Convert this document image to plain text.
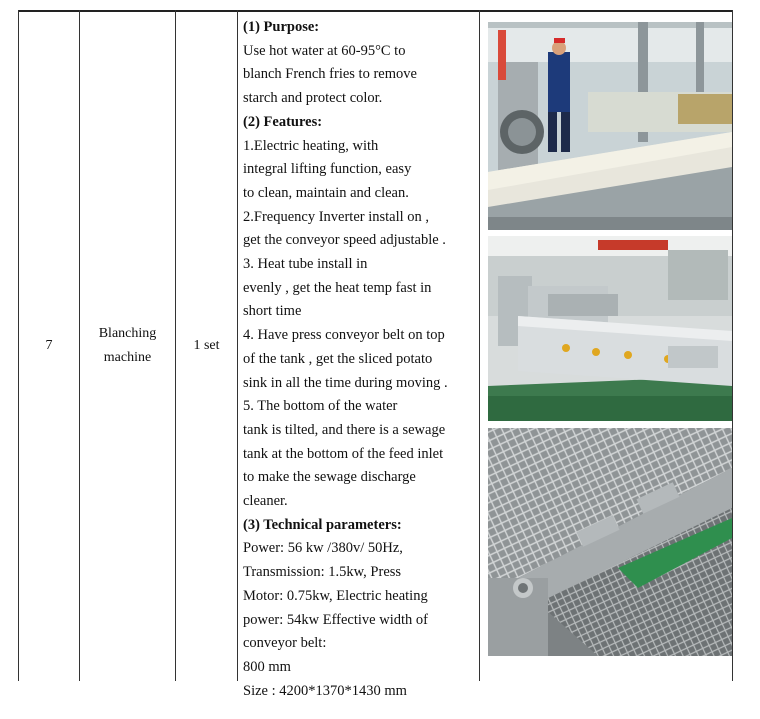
7
Blanching
machine
1 set
(1) Purpose:
Use hot water at 60-95°C to
blanch French fries to remove
starch and protect color.
(2) Features:
1.Electric heating, with
integral lifting function, easy
to clean, maintain and clean.
2.Frequency Inverter install on ,
get the conveyor speed adjustable .
3. Heat tube install in
evenly , get the heat temp fast in
short time
4. Have press conveyor belt on top
of the tank , get the sliced potato
sink in all the time during moving .
5. The bottom of the water
tank is tilted, and there is a sewage
tank at the bottom of the feed inlet
to make the sewage discharge
cleaner.
(3) Technical parameters:
Power: 56 kw /380v/ 50Hz,
Transmission: 1.5kw, Press
Motor: 0.75kw, Electric heating
power: 54kw Effective width of
conveyor belt:
800 mm
Size : 4200*1370*1430 mm
